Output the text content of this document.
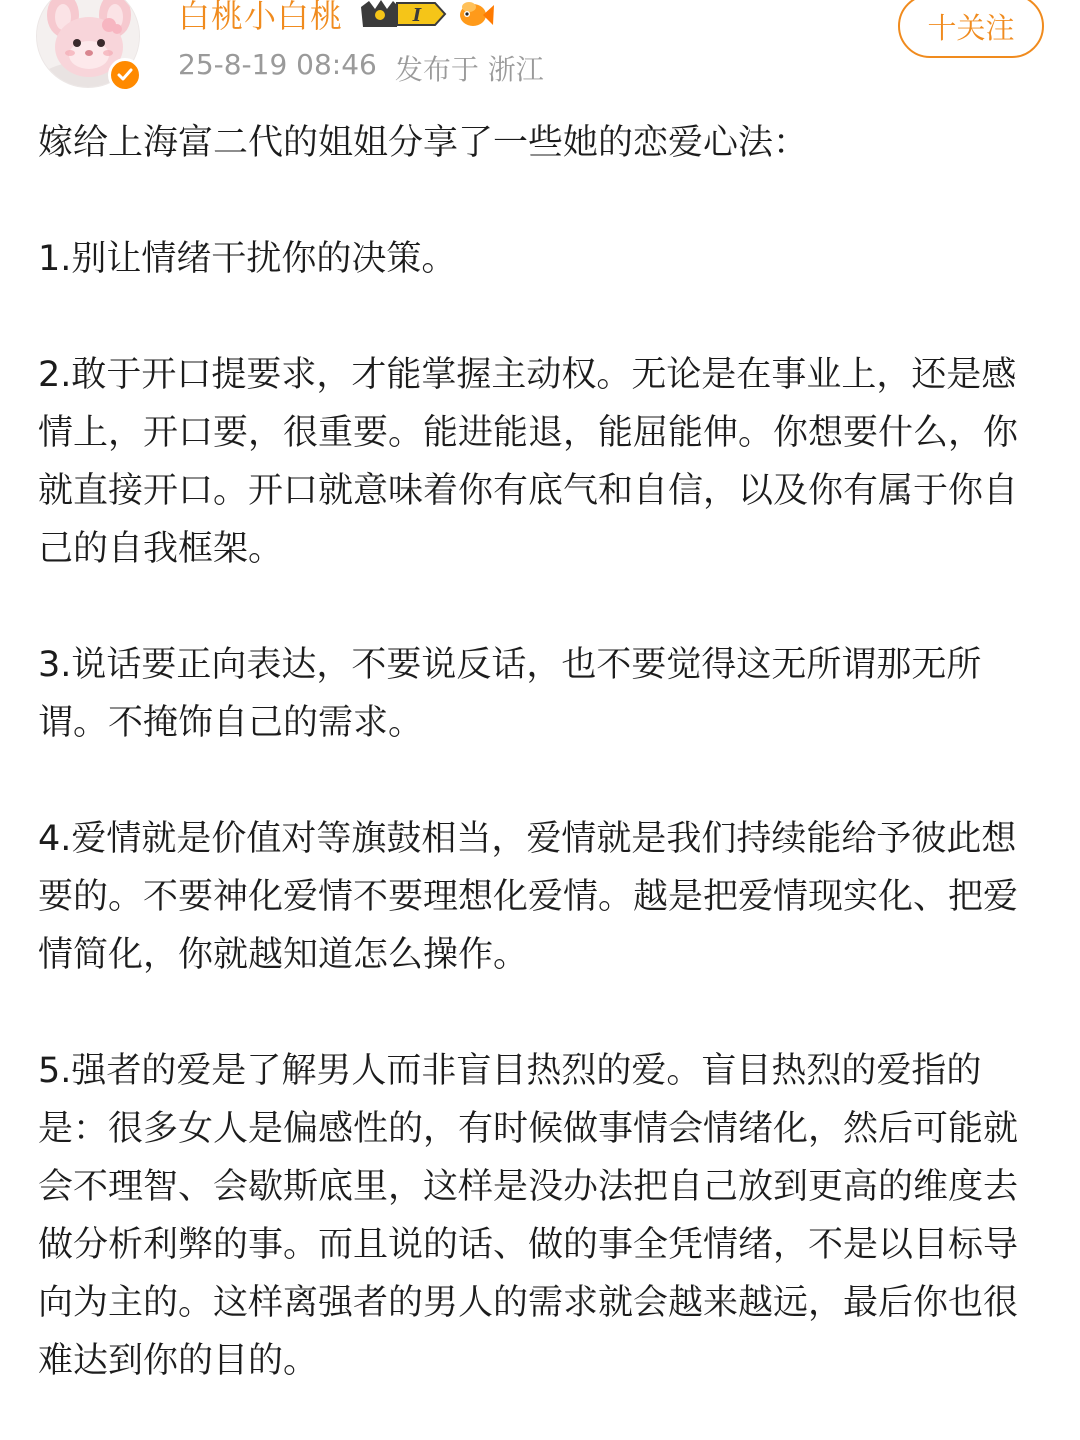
白桃小白桃	I
25-8-19 08:46 发布于 浙江
十关注

嫁给上海富二代的姐姐分享了一些她的恋爱心法：

1.别让情绪干扰你的决策。

2.敢于开口提要求，才能掌握主动权。无论是在事业上，还是感情上，开口要，很重要。能进能退，能屈能伸。你想要什么，你就直接开口。开口就意味着你有底气和自信，以及你有属于你自己的自我框架。

3.说话要正向表达，不要说反话，也不要觉得这无所谓那无所谓。不掩饰自己的需求。

4.爱情就是价值对等旗鼓相当，爱情就是我们持续能给予彼此想要的。不要神化爱情不要理想化爱情。越是把爱情现实化、把爱情简化，你就越知道怎么操作。

5.强者的爱是了解男人而非盲目热烈的爱。盲目热烈的爱指的是：很多女人是偏感性的，有时候做事情会情绪化，然后可能就会不理智、会歇斯底里，这样是没办法把自己放到更高的维度去做分析利弊的事。而且说的话、做的事全凭情绪，不是以目标导向为主的。这样离强者的男人的需求就会越来越远，最后你也很难达到你的目的。
